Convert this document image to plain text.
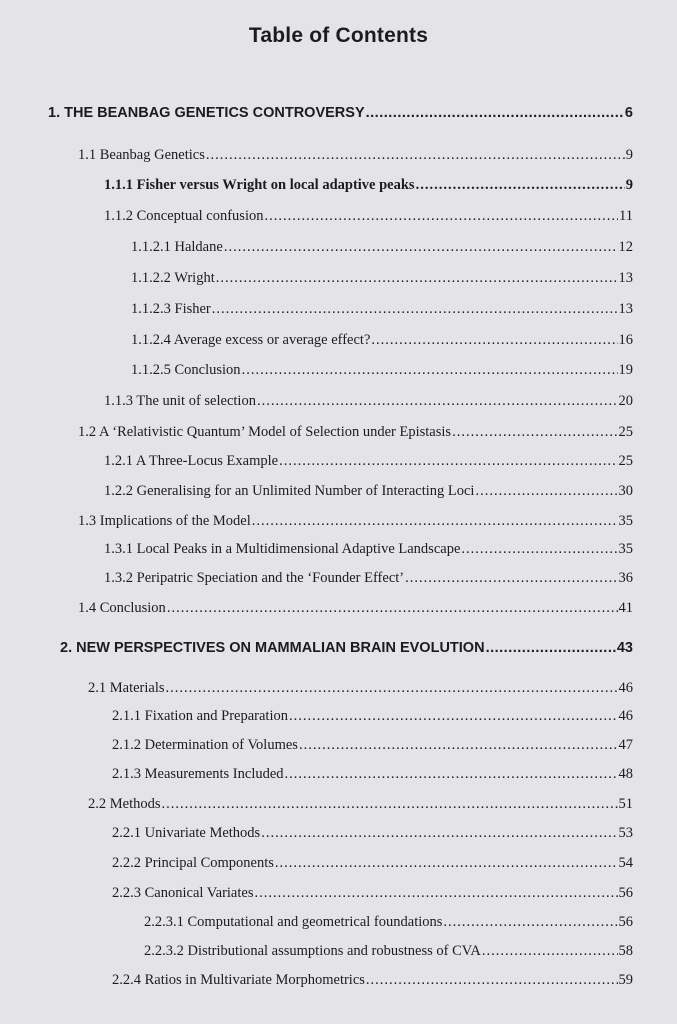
Table of Contents
1. THE BEANBAG GENETICS CONTROVERSY .....	6
1.1 Beanbag Genetics .....	9
1.1.1 Fisher versus Wright on local adaptive peaks .....	9
1.1.2 Conceptual confusion .....	11
1.1.2.1 Haldane .....	12
1.1.2.2 Wright .....	13
1.1.2.3 Fisher .....	13
1.1.2.4 Average excess or average effect? .....	16
1.1.2.5 Conclusion .....	19
1.1.3 The unit of selection .....	20
1.2 A ‘Relativistic Quantum’ Model of Selection under Epistasis .....	25
1.2.1 A Three-Locus Example .....	25
1.2.2 Generalising for an Unlimited Number of Interacting Loci .....	30
1.3 Implications of the Model .....	35
1.3.1 Local Peaks in a Multidimensional Adaptive Landscape .....	35
1.3.2 Peripatric Speciation and the ‘Founder Effect’ .....	36
1.4 Conclusion .....	41
2. NEW PERSPECTIVES ON MAMMALIAN BRAIN EVOLUTION .....	43
2.1 Materials .....	46
2.1.1 Fixation and Preparation .....	46
2.1.2 Determination of Volumes .....	47
2.1.3 Measurements Included .....	48
2.2 Methods .....	51
2.2.1 Univariate Methods .....	53
2.2.2 Principal Components .....	54
2.2.3 Canonical Variates .....	56
2.2.3.1 Computational and geometrical foundations .....	56
2.2.3.2 Distributional assumptions and robustness of CVA .....	58
2.2.4 Ratios in Multivariate Morphometrics .....	59
